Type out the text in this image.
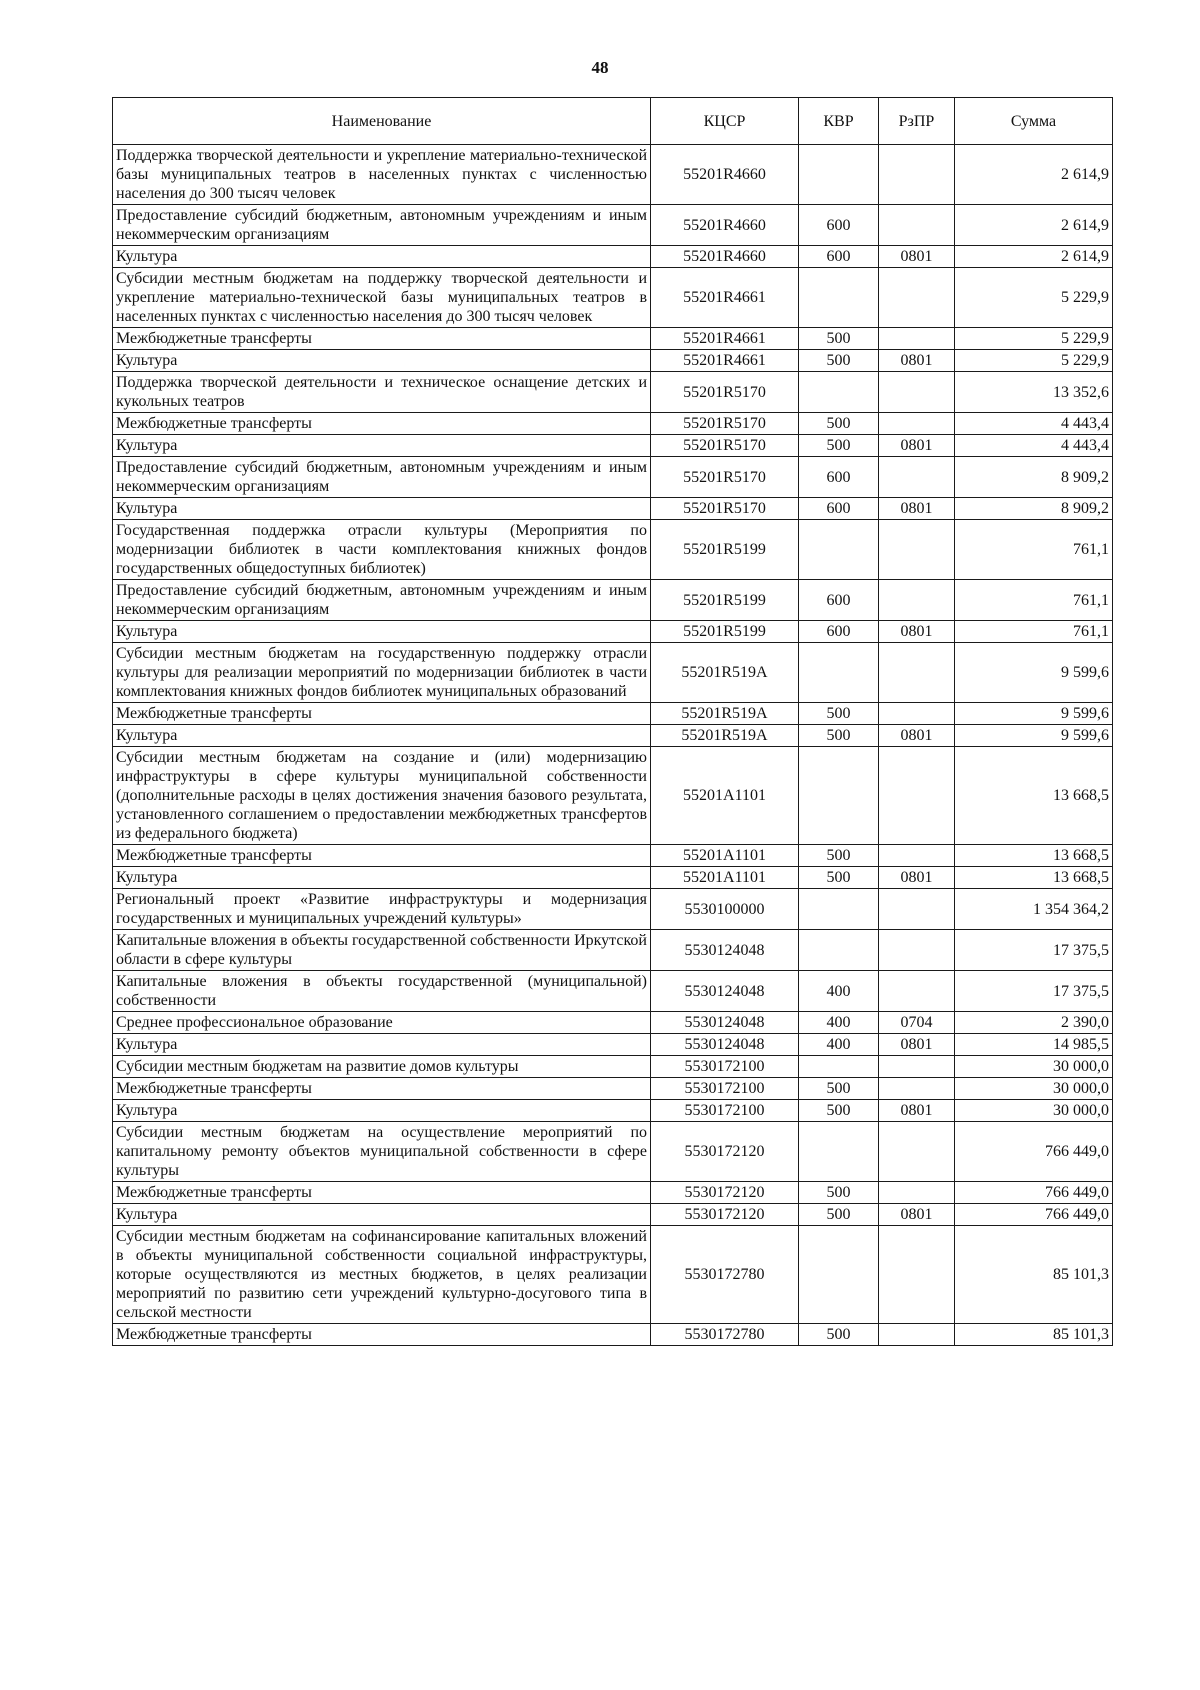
48
Наименование	КЦСР	КВР	РзПР	Сумма
Поддержка творческой деятельности и укрепление материально-технической базы муниципальных театров в населенных пунктах с численностью населения до 300 тысяч человек	55201R4660			2 614,9
Предоставление субсидий бюджетным, автономным учреждениям и иным некоммерческим организациям	55201R4660	600		2 614,9
Культура	55201R4660	600	0801	2 614,9
Субсидии местным бюджетам на поддержку творческой деятельности и укрепление материально-технической базы муниципальных театров в населенных пунктах с численностью населения до 300 тысяч человек	55201R4661			5 229,9
Межбюджетные трансферты	55201R4661	500		5 229,9
Культура	55201R4661	500	0801	5 229,9
Поддержка творческой деятельности и техническое оснащение детских и кукольных театров	55201R5170			13 352,6
Межбюджетные трансферты	55201R5170	500		4 443,4
Культура	55201R5170	500	0801	4 443,4
Предоставление субсидий бюджетным, автономным учреждениям и иным некоммерческим организациям	55201R5170	600		8 909,2
Культура	55201R5170	600	0801	8 909,2
Государственная поддержка отрасли культуры (Мероприятия по модернизации библиотек в части комплектования книжных фондов государственных общедоступных библиотек)	55201R5199			761,1
Предоставление субсидий бюджетным, автономным учреждениям и иным некоммерческим организациям	55201R5199	600		761,1
Культура	55201R5199	600	0801	761,1
Субсидии местным бюджетам на государственную поддержку отрасли культуры для реализации мероприятий по модернизации библиотек в части комплектования книжных фондов библиотек муниципальных образований	55201R519A			9 599,6
Межбюджетные трансферты	55201R519A	500		9 599,6
Культура	55201R519A	500	0801	9 599,6
Субсидии местным бюджетам на создание и (или) модернизацию инфраструктуры в сфере культуры муниципальной собственности (дополнительные расходы в целях достижения значения базового результата, установленного соглашением о предоставлении межбюджетных трансфертов из федерального бюджета)	55201A1101			13 668,5
Межбюджетные трансферты	55201A1101	500		13 668,5
Культура	55201A1101	500	0801	13 668,5
Региональный проект «Развитие инфраструктуры и модернизация государственных и муниципальных учреждений культуры»	5530100000			1 354 364,2
Капитальные вложения в объекты государственной собственности Иркутской области в сфере культуры	5530124048			17 375,5
Капитальные вложения в объекты государственной (муниципальной) собственности	5530124048	400		17 375,5
Среднее профессиональное образование	5530124048	400	0704	2 390,0
Культура	5530124048	400	0801	14 985,5
Субсидии местным бюджетам на развитие домов культуры	5530172100			30 000,0
Межбюджетные трансферты	5530172100	500		30 000,0
Культура	5530172100	500	0801	30 000,0
Субсидии местным бюджетам на осуществление мероприятий по капитальному ремонту объектов муниципальной собственности в сфере культуры	5530172120			766 449,0
Межбюджетные трансферты	5530172120	500		766 449,0
Культура	5530172120	500	0801	766 449,0
Субсидии местным бюджетам на софинансирование капитальных вложений в объекты муниципальной собственности социальной инфраструктуры, которые осуществляются из местных бюджетов, в целях реализации мероприятий по развитию сети учреждений культурно-досугового типа в сельской местности	5530172780			85 101,3
Межбюджетные трансферты	5530172780	500		85 101,3
